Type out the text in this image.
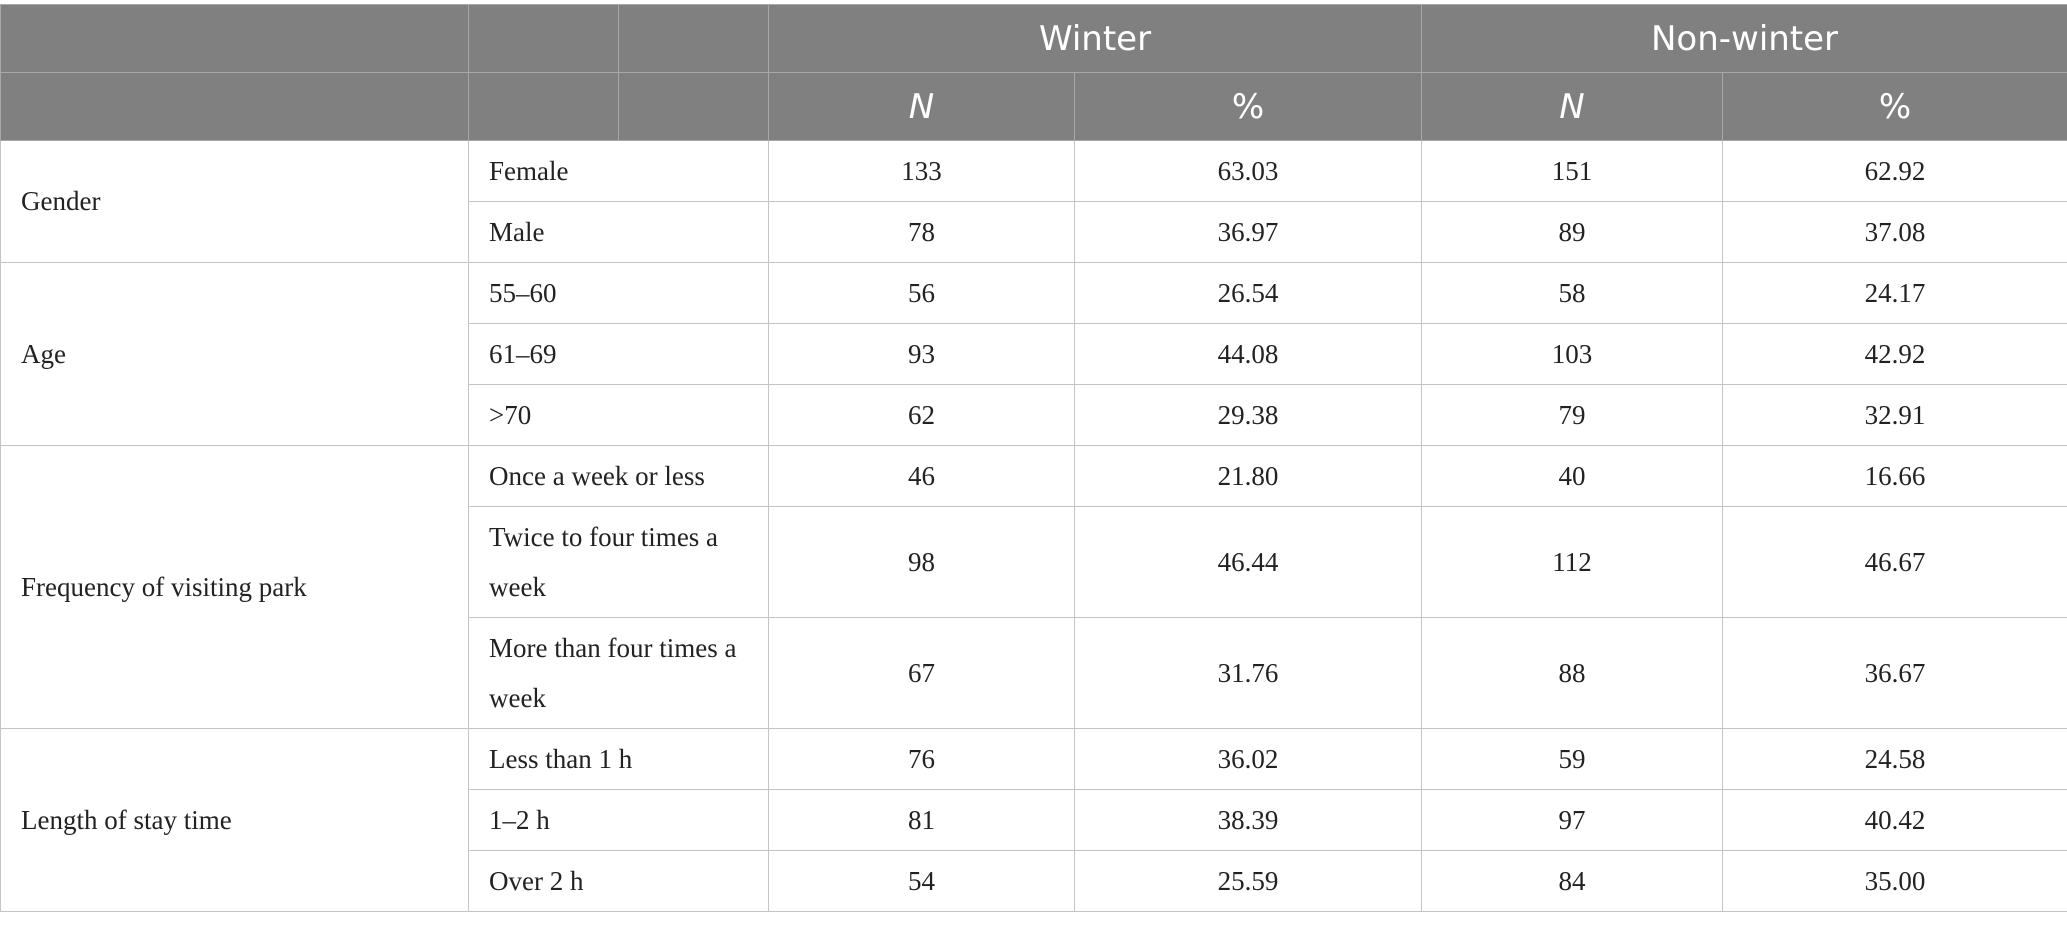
			Winter		Non-winter	
			N	%	N	%
Gender	Female		133	63.03	151	62.92
	Male		78	36.97	89	37.08
Age	55–60		56	26.54	58	24.17
	61–69		93	44.08	103	42.92
	>70		62	29.38	79	32.91
Frequency of visiting park	Once a week or less		46	21.80	40	16.66
	Twice to four times a week		98	46.44	112	46.67
	More than four times a week		67	31.76	88	36.67
Length of stay time	Less than 1 h		76	36.02	59	24.58
	1–2 h		81	38.39	97	40.42
	Over 2 h		54	25.59	84	35.00
